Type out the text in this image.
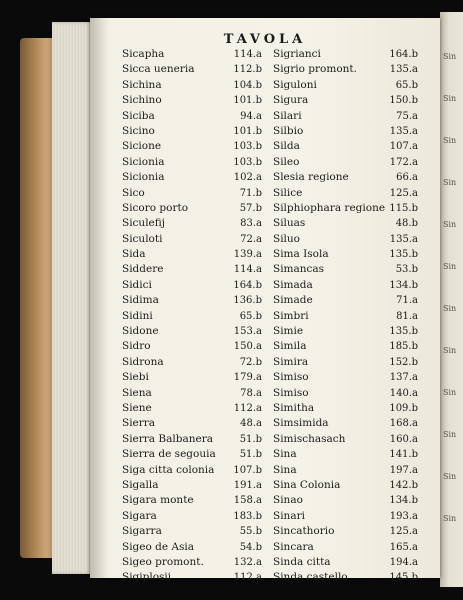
Sin
Sin
Sin
Sin
Sin
Sin
Sin
Sin
Sin
Sin
Sin
Sin
TAVOLA
Sicapha	114.a
Sicca ueneria	112.b
Sichina	104.b
Sichino	101.b
Siciba	94.a
Sicino	101.b
Sicione	103.b
Sicionia	103.b
Sicionia	102.a
Sico	71.b
Sicoro porto	57.b
Siculefij	83.a
Siculoti	72.a
Sida	139.a
Siddere	114.a
Sidici	164.b
Sidima	136.b
Sidini	65.b
Sidone	153.a
Sidro	150.a
Sidrona	72.b
Siebi	179.a
Siena	78.a
Siene	112.a
Sierra	48.a
Sierra Balbanera	51.b
Sierra de segouia 51.b
Siga citta colonia 107.b
Sigalla	191.a
Sigara monte	158.a
Sigara	183.b
Sigarra	55.b
Sigeo de Asia	54.b
Sigeo promont.	132.a
Sigiplosij	112.a
Sigrianci	164.b
Sigrio promont.	135.a
Siguloni	65.b
Sigura	150.b
Silari	75.a
Silbio	135.a
Silda	107.a
Sileo	172.a
Slesia regione	66.a
Silice	125.a
Silphiophara regione 115.b
Siluas	48.b
Siluo	135.a
Sima Isola	135.b
Simancas	53.b
Simada	134.b
Simade	71.a
Simbri	81.a
Simie	135.b
Simila	185.b
Simira	152.b
Simiso	137.a
Simiso	140.a
Simitha	109.b
Simsimida	168.a
Simischasach	160.a
Sina	141.b
Sina	197.a
Sina Colonia	142.b
Sinao	134.b
Sinari	193.a
Sincathorio	125.a
Sincara	165.a
Sinda citta	194.a
Sinda castello	145.b
